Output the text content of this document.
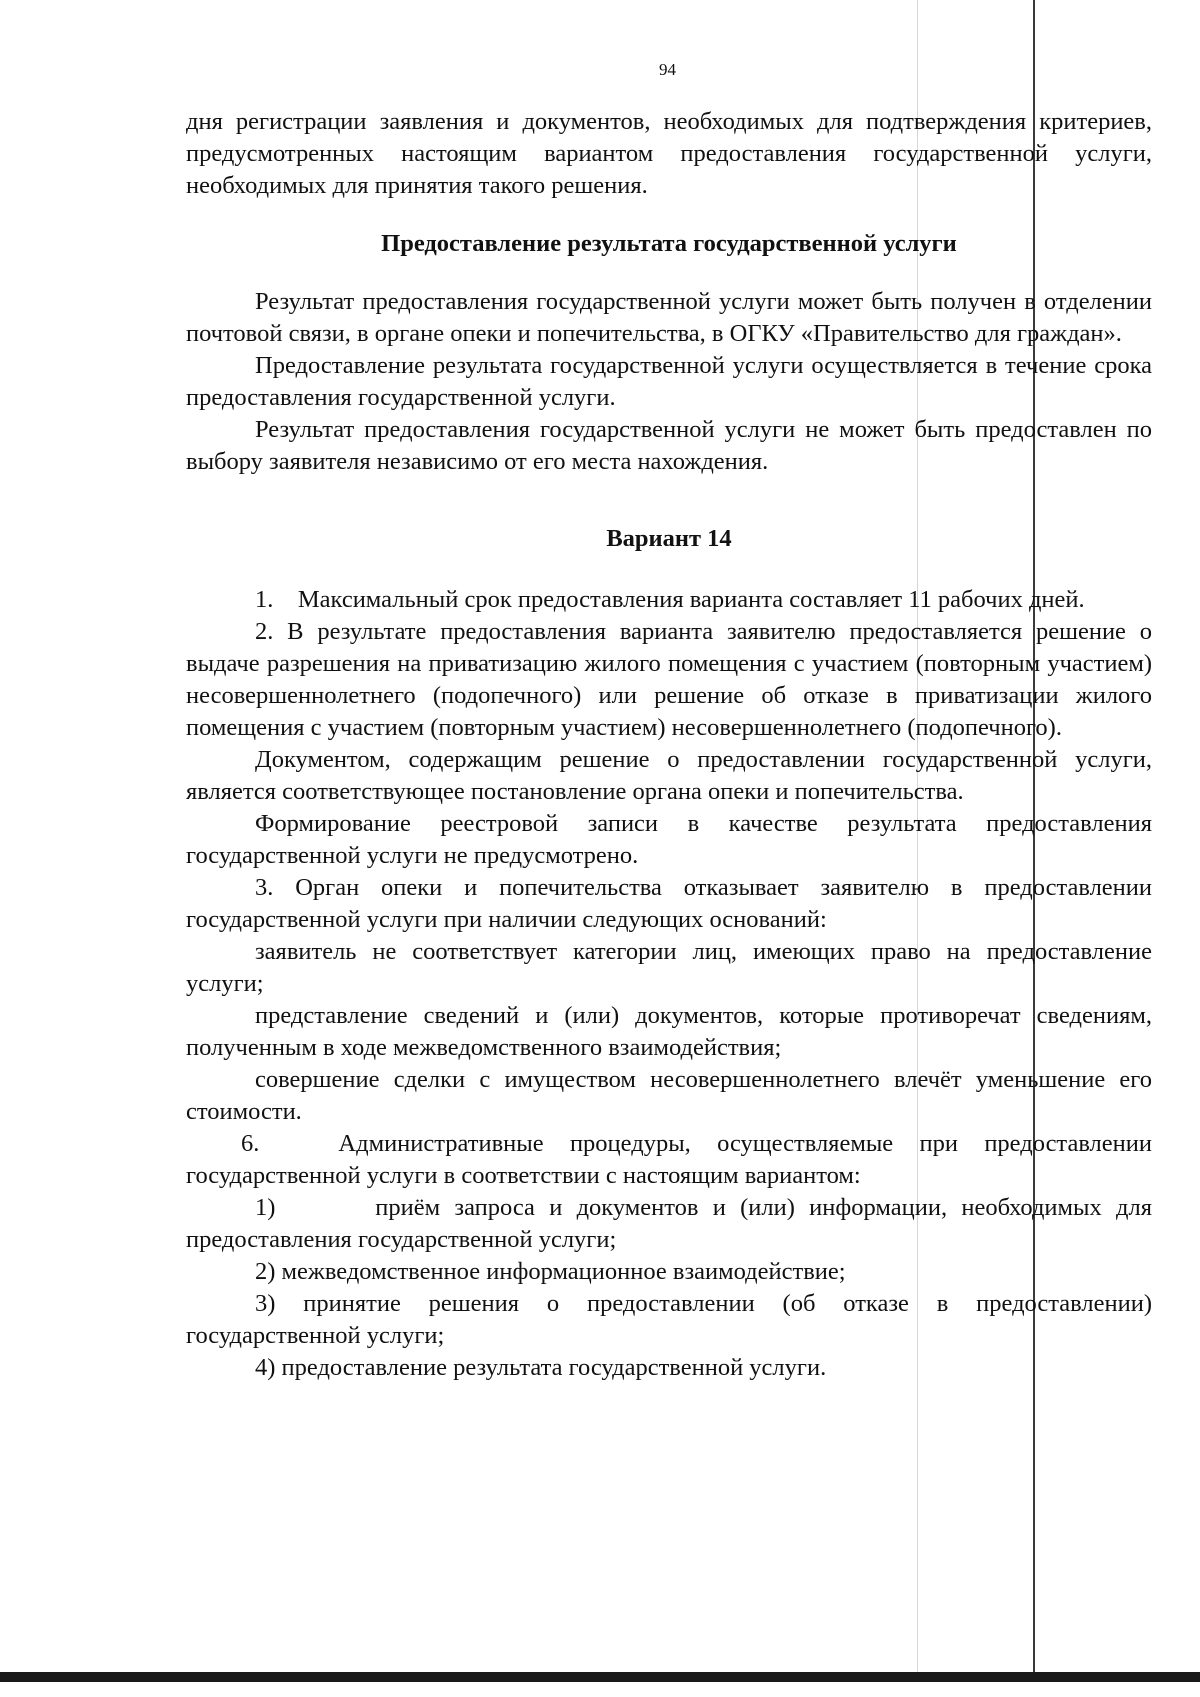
94

дня регистрации заявления и документов, необходимых для подтверждения критериев, предусмотренных настоящим вариантом предоставления государственной услуги, необходимых для принятия такого решения.

Предоставление результата государственной услуги

Результат предоставления государственной услуги может быть получен в отделении почтовой связи, в органе опеки и попечительства, в ОГКУ «Правительство для граждан».

Предоставление результата государственной услуги осуществляется в течение срока предоставления государственной услуги.

Результат предоставления государственной услуги не может быть предоставлен по выбору заявителя независимо от его места нахождения.

Вариант 14

1.    Максимальный срок предоставления варианта составляет 11 рабочих дней.

2. В результате предоставления варианта заявителю предоставляется решение о выдаче разрешения на приватизацию жилого помещения с участием (повторным участием) несовершеннолетнего (подопечного) или решение об отказе в приватизации жилого помещения с участием (повторным участием) несовершеннолетнего (подопечного).

Документом, содержащим решение о предоставлении государственной услуги, является соответствующее постановление органа опеки и попечительства.

Формирование реестровой записи в качестве результата предоставления государственной услуги не предусмотрено.

3. Орган опеки и попечительства отказывает заявителю в предоставлении государственной услуги при наличии следующих оснований:

заявитель не соответствует категории лиц, имеющих право на предоставление услуги;

представление сведений и (или) документов, которые противоречат сведениям, полученным в ходе межведомственного взаимодействия;

совершение сделки с имуществом несовершеннолетнего влечёт уменьшение его стоимости.

6.   Административные процедуры, осуществляемые при предоставлении государственной услуги в соответствии с настоящим вариантом:

1)       приём запроса и документов и (или) информации, необходимых для предоставления государственной услуги;

2) межведомственное информационное взаимодействие;

3) принятие решения о предоставлении (об отказе в предоставлении) государственной услуги;

4) предоставление результата государственной услуги.
